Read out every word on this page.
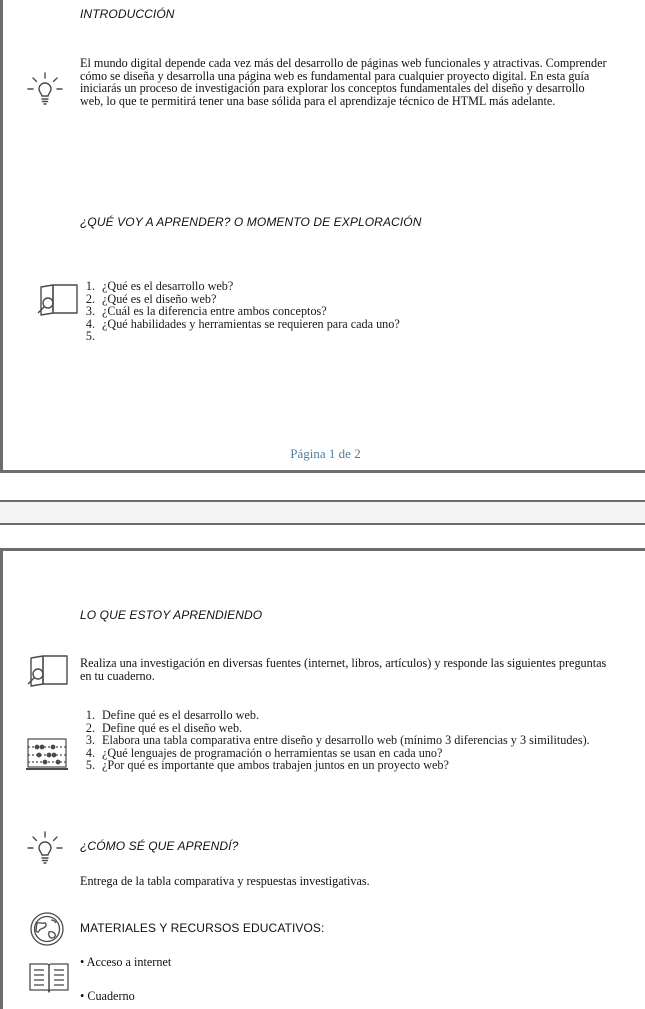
INTRODUCCIÓN
El mundo digital depende cada vez más del desarrollo de páginas web funcionales y atractivas. Comprender cómo se diseña y desarrolla una página web es fundamental para cualquier proyecto digital. En esta guía iniciarás un proceso de investigación para explorar los conceptos fundamentales del diseño y desarrollo web, lo que te permitirá tener una base sólida para el aprendizaje técnico de HTML más adelante.
¿QUÉ VOY A APRENDER? O MOMENTO DE EXPLORACIÓN
1. ¿Qué es el desarrollo web?
2. ¿Qué es el diseño web?
3. ¿Cuál es la diferencia entre ambos conceptos?
4. ¿Qué habilidades y herramientas se requieren para cada uno?
5.
Página 1 de 2
LO QUE ESTOY APRENDIENDO
Realiza una investigación en diversas fuentes (internet, libros, artículos) y responde las siguientes preguntas en tu cuaderno.
1. Define qué es el desarrollo web.
2. Define qué es el diseño web.
3. Elabora una tabla comparativa entre diseño y desarrollo web (mínimo 3 diferencias y 3 similitudes).
4. ¿Qué lenguajes de programación o herramientas se usan en cada uno?
5. ¿Por qué es importante que ambos trabajen juntos en un proyecto web?
¿CÓMO SÉ QUE APRENDÍ?
Entrega de la tabla comparativa y respuestas investigativas.
MATERIALES Y RECURSOS EDUCATIVOS:
• Acceso a internet
• Cuaderno
